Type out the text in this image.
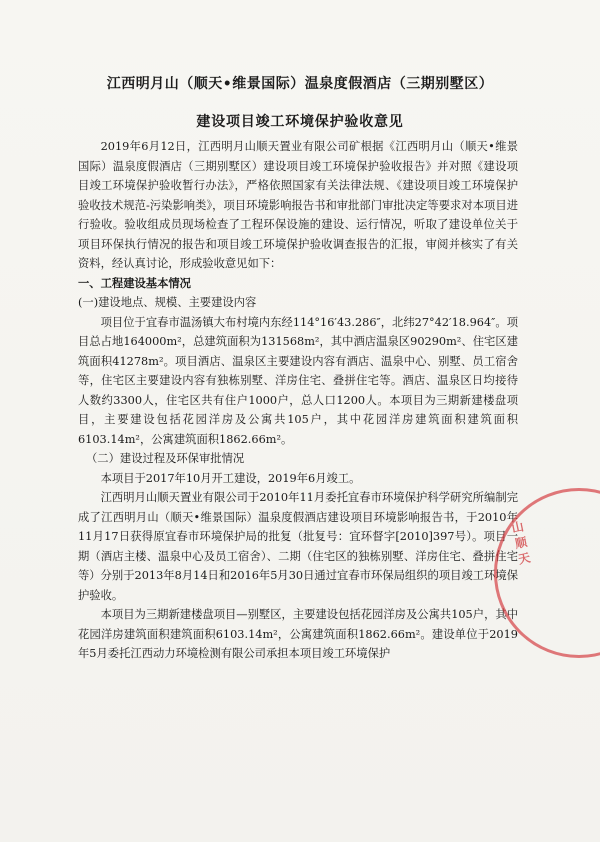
江西明月山（顺天•维景国际）温泉度假酒店（三期别墅区）
建设项目竣工环境保护验收意见

2019年6月12日，江西明月山顺天置业有限公司矿根据《江西明月山（顺天•维景国际）温泉度假酒店（三期别墅区）建设项目竣工环境保护验收报告》并对照《建设项目竣工环境保护验收暂行办法》，严格依照国家有关法律法规、《建设项目竣工环境保护验收技术规范-污染影响类》，项目环境影响报告书和审批部门审批决定等要求对本项目进行验收。验收组成员现场检查了工程环保设施的建设、运行情况，听取了建设单位关于项目环保执行情况的报告和项目竣工环境保护验收调查报告的汇报，审阅并核实了有关资料，经认真讨论，形成验收意见如下：

一、工程建设基本情况

(一)建设地点、规模、主要建设内容

项目位于宜春市温汤镇大布村境内东经114°16′43.286″，北纬27°42′18.964″。项目总占地164000m²，总建筑面积为131568m²，其中酒店温泉区90290m²、住宅区建筑面积41278m²。项目酒店、温泉区主要建设内容有酒店、温泉中心、别墅、员工宿舍等，住宅区主要建设内容有独栋别墅、洋房住宅、叠拼住宅等。酒店、温泉区日均接待人数约3300人，住宅区共有住户1000户，总人口1200人。本项目为三期新建楼盘项目，主要建设包括花园洋房及公寓共105户，其中花园洋房建筑面积建筑面积6103.14m²，公寓建筑面积1862.66m²。

（二）建设过程及环保审批情况

本项目于2017年10月开工建设，2019年6月竣工。

江西明月山顺天置业有限公司于2010年11月委托宜春市环境保护科学研究所编制完成了江西明月山（顺天•维景国际）温泉度假酒店建设项目环境影响报告书，于2010年11月17日获得原宜春市环境保护局的批复（批复号：宜环督字[2010]397号）。项目一期（酒店主楼、温泉中心及员工宿舍）、二期（住宅区的独栋别墅、洋房住宅、叠拼住宅等）分别于2013年8月14日和2016年5月30日通过宜春市环保局组织的项目竣工环境保护验收。

本项目为三期新建楼盘项目—别墅区，主要建设包括花园洋房及公寓共105户，其中花园洋房建筑面积建筑面积6103.14m²，公寓建筑面积1862.66m²。建设单位于2019年5月委托江西动力环境检测有限公司承担本项目竣工环境保护

山顺天
